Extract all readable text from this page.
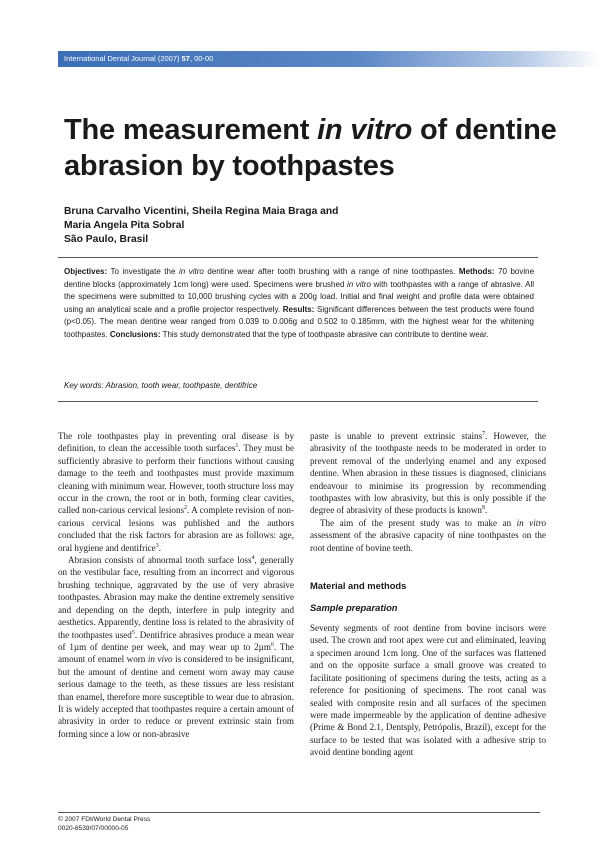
International Dental Journal (2007) 57, 00-00
The measurement in vitro of dentine abrasion by toothpastes
Bruna Carvalho Vicentini, Sheila Regina Maia Braga and
Maria Angela Pita Sobral
São Paulo, Brasil
Objectives: To investigate the in vitro dentine wear after tooth brushing with a range of nine toothpastes. Methods: 70 bovine dentine blocks (approximately 1cm long) were used. Specimens were brushed in vitro with toothpastes with a range of abrasive. All the specimens were submitted to 10,000 brushing cycles with a 200g load. Initial and final weight and profile data were obtained using an analytical scale and a profile projector respectively. Results: Significant differences between the test products were found (p<0.05). The mean dentine wear ranged from 0.039 to 0.006g and 0.502 to 0.185mm, with the highest wear for the whitening toothpastes. Conclusions: This study demonstrated that the type of toothpaste abrasive can contribute to dentine wear.
Key words: Abrasion, tooth wear, toothpaste, dentifrice

The role toothpastes play in preventing oral disease is by definition, to clean the accessible tooth surfaces$^1$. They must be sufficiently abrasive to perform their functions without causing damage to the teeth and toothpastes must provide maximum cleaning with minimum wear. However, tooth structure loss may occur in the crown, the root or in both, forming clear cavities, called non-carious cervical lesions$^2$. A complete revision of non-carious cervical lesions was published and the authors concluded that the risk factors for abrasion are as follows: age, oral hygiene and dentifrice$^3$.

Abrasion consists of abnormal tooth surface loss$^4$, generally on the vestibular face, resulting from an incorrect and vigorous brushing technique, aggravated by the use of very abrasive toothpastes. Abrasion may make the dentine extremely sensitive and depending on the depth, interfere in pulp integrity and aesthetics. Apparently, dentine loss is related to the abrasivity of the toothpastes used$^5$. Dentifrice abrasives produce a mean wear of 1µm of dentine per week, and may wear up to 2µm$^6$. The amount of enamel worn in vivo is considered to be insignificant, but the amount of dentine and cement worn away may cause serious damage to the teeth, as these tissues are less resistant than enamel, therefore more susceptible to wear due to abrasion. It is widely accepted that toothpastes require a certain amount of abrasivity in order to reduce or prevent extrinsic stain from forming since a low or non-abrasive

paste is unable to prevent extrinsic stains$^7$. However, the abrasivity of the toothpaste needs to be moderated in order to prevent removal of the underlying enamel and any exposed dentine. When abrasion in these tissues is diagnosed, clinicians endeavour to minimise its progression by recommending toothpastes with low abrasivity, but this is only possible if the degree of abrasivity of these products is known$^8$.

The aim of the present study was to make an in vitro assessment of the abrasive capacity of nine toothpastes on the root dentine of bovine teeth.

Material and methods
Sample preparation

Seventy segments of root dentine from bovine incisors were used. The crown and root apex were cut and eliminated, leaving a specimen around 1cm long. One of the surfaces was flattened and on the opposite surface a small groove was created to facilitate positioning of specimens during the tests, acting as a reference for positioning of specimens. The root canal was sealed with composite resin and all surfaces of the specimen were made impermeable by the application of dentine adhesive (Prime & Bond 2.1, Dentsply, Petrópolis, Brazil), except for the surface to be tested that was isolated with a adhesive strip to avoid dentine bonding agent

© 2007 FDI/World Dental Press
0020-6539/07/00000-05
